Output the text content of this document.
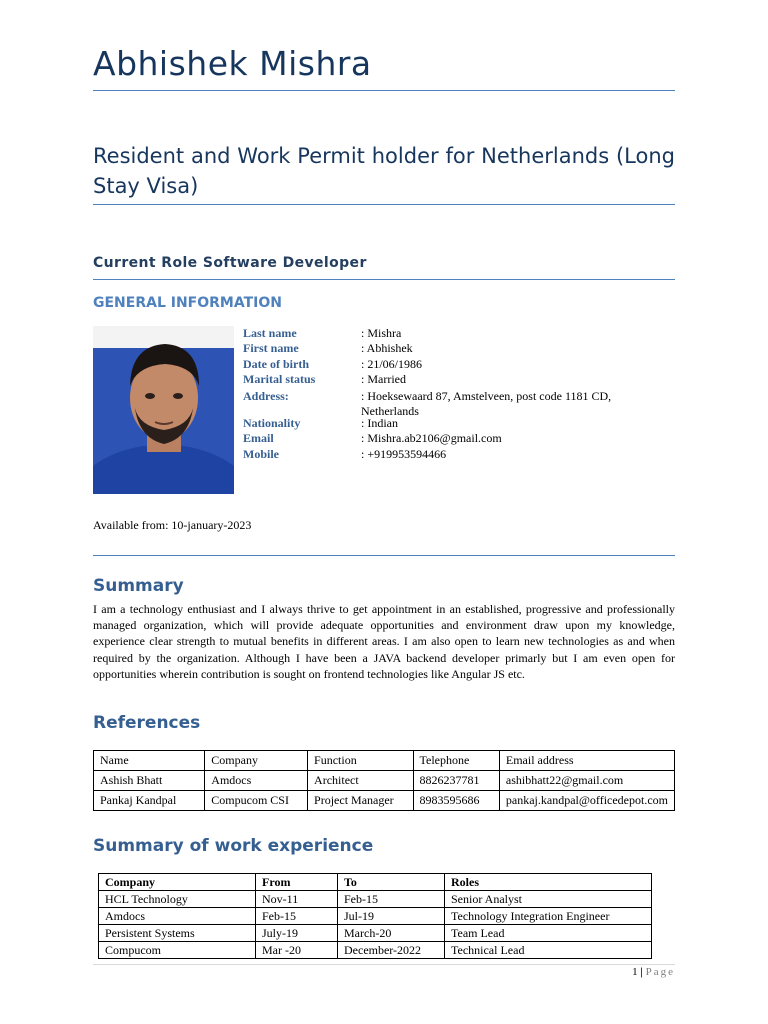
Abhishek Mishra
Resident and Work Permit holder for Netherlands (Long Stay Visa)
Current Role Software Developer
GENERAL INFORMATION
Last name	: Mishra
First name	: Abhishek
Date of birth	: 21/06/1986
Marital status	: Married
Address:	: Hoeksewaard 87, Amstelveen, post code 1181 CD, Netherlands
Nationality	: Indian
Email	: Mishra.ab2106@gmail.com
Mobile	: +919953594466
Available from: 10-january-2023
Summary
I am a technology enthusiast and I always thrive to get appointment in an established, progressive and professionally managed organization, which will provide adequate opportunities and environment draw upon my knowledge, experience clear strength to mutual benefits in different areas. I am also open to learn new technologies as and when required by the organization. Although I have been a JAVA backend developer primarly but I am even open for opportunities wherein contribution is sought on frontend technologies like Angular JS etc.
References
Name	Company	Function	Telephone	Email address
Ashish Bhatt	Amdocs	Architect	8826237781	ashibhatt22@gmail.com
Pankaj Kandpal	Compucom CSI	Project Manager	8983595686	pankaj.kandpal@officedepot.com
Summary of work experience
Company	From	To	Roles
HCL Technology	Nov-11	Feb-15	Senior Analyst
Amdocs	Feb-15	Jul-19	Technology Integration Engineer
Persistent Systems	July-19	March-20	Team Lead
Compucom	Mar -20	December-2022	Technical Lead
1 | Page
